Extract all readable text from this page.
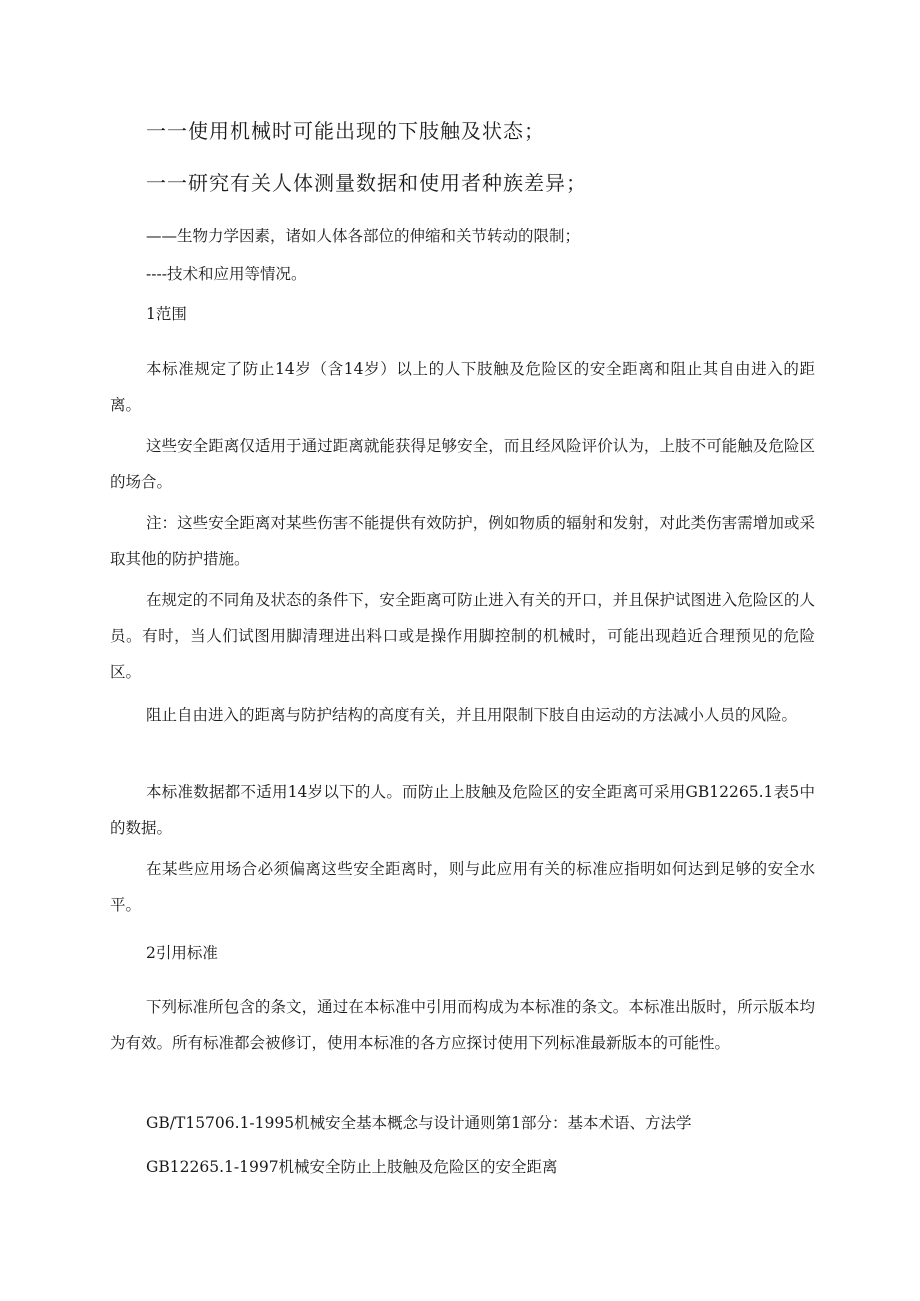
一一使用机械时可能出现的下肢触及状态；

一一研究有关人体测量数据和使用者种族差异；

——生物力学因素，诸如人体各部位的伸缩和关节转动的限制；

----技术和应用等情况。

1范围

本标准规定了防止14岁（含14岁）以上的人下肢触及危险区的安全距离和阻止其自由进入的距离。

这些安全距离仅适用于通过距离就能获得足够安全，而且经风险评价认为，上肢不可能触及危险区的场合。

注：这些安全距离对某些伤害不能提供有效防护，例如物质的辐射和发射，对此类伤害需增加或采取其他的防护措施。

在规定的不同角及状态的条件下，安全距离可防止进入有关的开口，并且保护试图进入危险区的人员。有时，当人们试图用脚清理进出料口或是操作用脚控制的机械时，可能出现趋近合理预见的危险区。

阻止自由进入的距离与防护结构的高度有关，并且用限制下肢自由运动的方法减小人员的风险。

本标准数据都不适用14岁以下的人。而防止上肢触及危险区的安全距离可采用GB12265.1表5中的数据。

在某些应用场合必须偏离这些安全距离时，则与此应用有关的标准应指明如何达到足够的安全水平。

2引用标准

下列标准所包含的条文，通过在本标准中引用而构成为本标准的条文。本标准出版时，所示版本均为有效。所有标准都会被修订，使用本标准的各方应探讨使用下列标准最新版本的可能性。

GB/T15706.1-1995机械安全基本概念与设计通则第1部分：基本术语、方法学

GB12265.1-1997机械安全防止上肢触及危险区的安全距离
